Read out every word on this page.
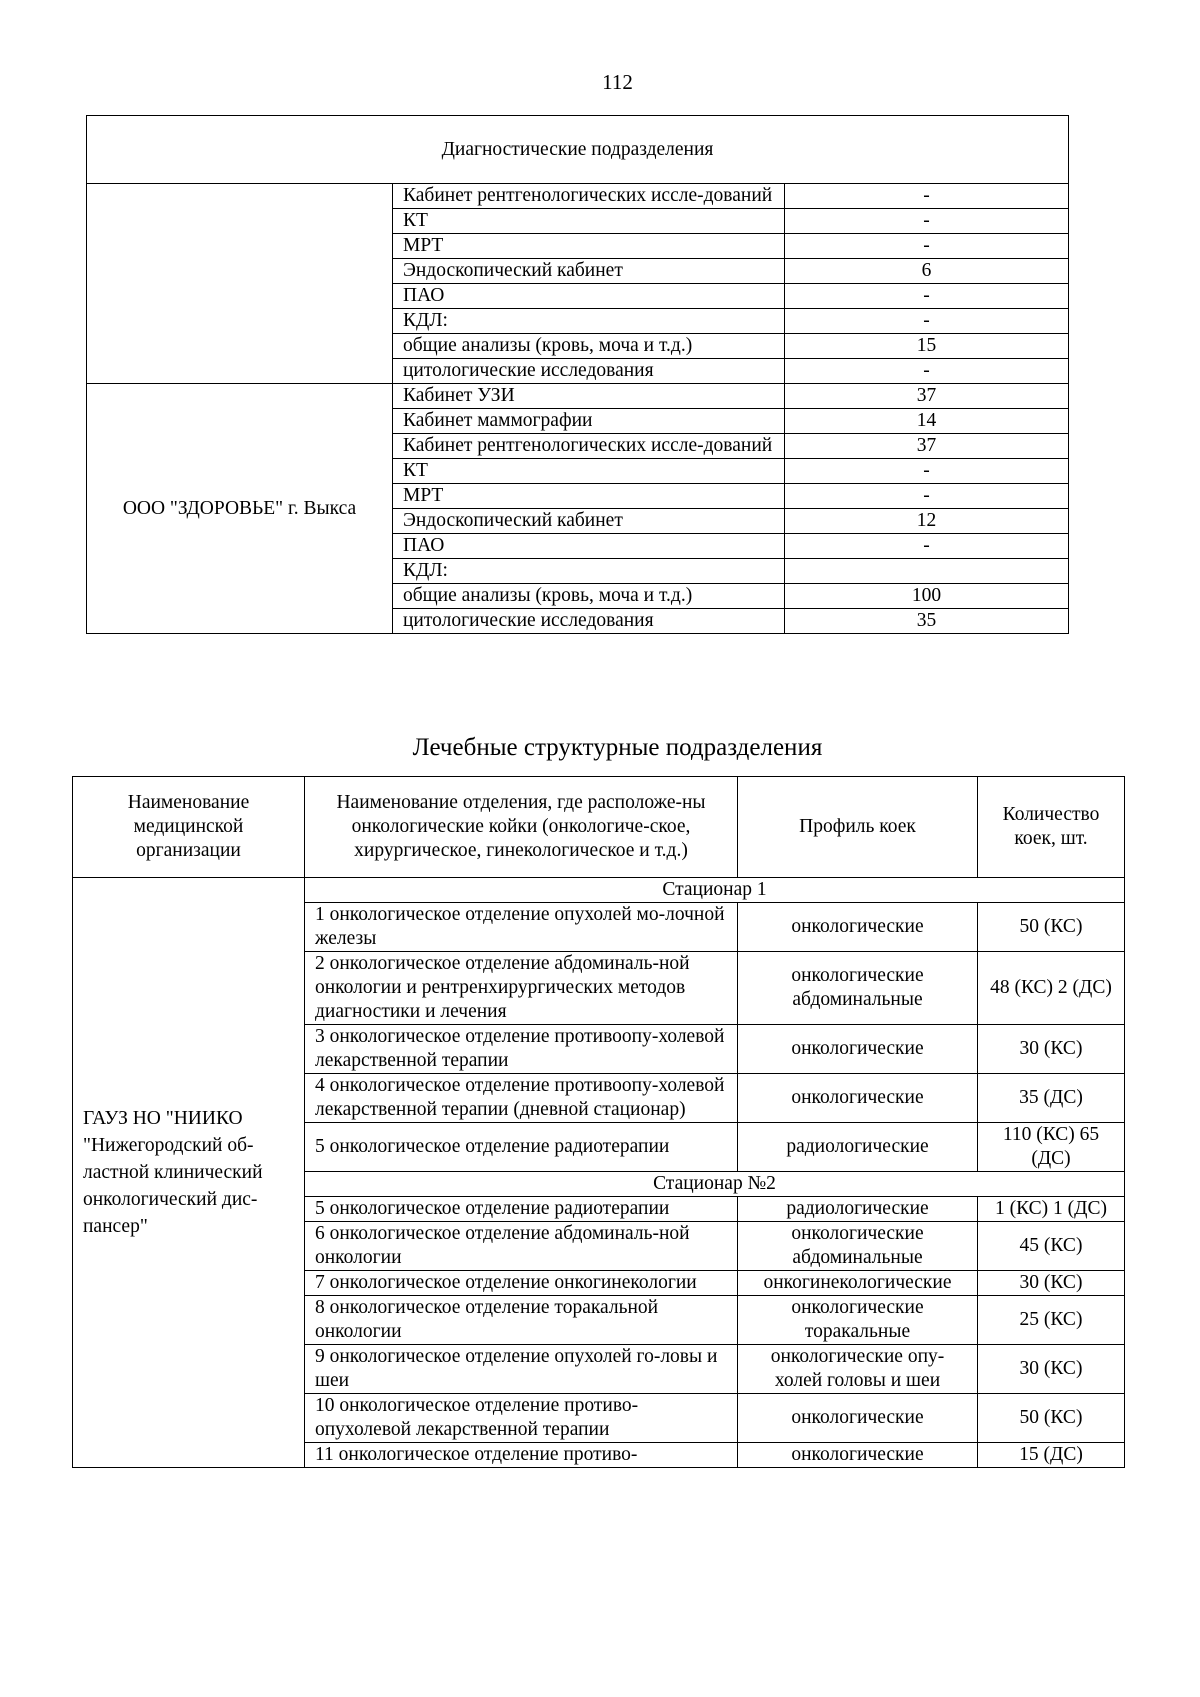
112
Диагностические подразделения		
	Кабинет рентгенологических иссле-дований	-
	КТ	-
	МРТ	-
	Эндоскопический кабинет	6
	ПАО	-
	КДЛ:	-
	общие анализы (кровь, моча и т.д.)	15
	цитологические исследования	-
ООО "ЗДОРОВЬЕ" г. Выкса	Кабинет УЗИ	37
	Кабинет маммографии	14
	Кабинет рентгенологических иссле-дований	37
	КТ	-
	МРТ	-
	Эндоскопический кабинет	12
	ПАО	-
	КДЛ:	
	общие анализы (кровь, моча и т.д.)	100
	цитологические исследования	35
Лечебные структурные подразделения
Наименование медицинской организации	Наименование отделения, где расположе-ны онкологические койки (онкологиче-ское, хирургическое, гинекологическое и т.д.)	Профиль коек	Количество коек, шт.
ГАУЗ НО "НИИКО "Нижегородский об-ластной клинический онкологический дис-пансер"	Стационар 1		
	1 онкологическое отделение опухолей мо-лочной железы	онкологические	50 (КС)
	2 онкологическое отделение абдоминаль-ной онкологии и рентренхирургических методов диагностики и лечения	онкологические абдоминальные	48 (КС) 2 (ДС)
	3 онкологическое отделение противоопу-холевой лекарственной терапии	онкологические	30 (КС)
	4 онкологическое отделение противоопу-холевой лекарственной терапии (дневной стационар)	онкологические	35 (ДС)
	5 онкологическое отделение радиотерапии	радиологические	110 (КС) 65 (ДС)
	Стационар №2		
	5 онкологическое отделение радиотерапии	радиологические	1 (КС) 1 (ДС)
	6 онкологическое отделение абдоминаль-ной онкологии	онкологические абдоминальные	45 (КС)
	7 онкологическое отделение онкогинекологии	онкогинекологические	30 (КС)
	8 онкологическое отделение торакальной онкологии	онкологические торакальные	25 (КС)
	9 онкологическое отделение опухолей го-ловы и шеи	онкологические опу-холей головы и шеи	30 (КС)
	10 онкологическое отделение противо-опухолевой лекарственной терапии	онкологические	50 (КС)
	11 онкологическое отделение противо-	онкологические	15 (ДС)
